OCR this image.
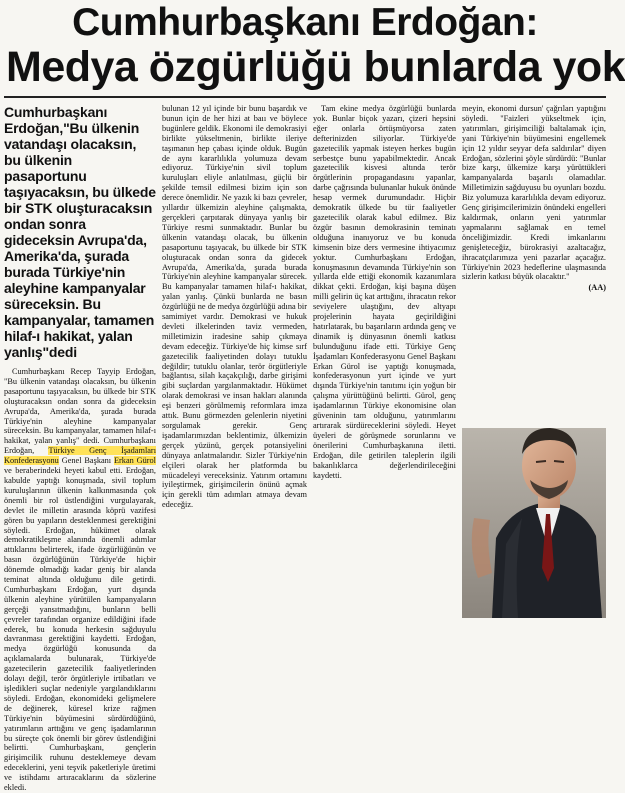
Cumhurbaşkanı Erdoğan:
Medya özgürlüğü bunlarda yok
Cumhurbaşkanı Erdoğan,"Bu ülkenin vatandaşı olacaksın, bu ülkenin pasaportunu taşıyacaksın, bu ülkede bir STK oluşturacaksın ondan sonra gideceksin Avrupa'da, Amerika'da, şurada burada Türkiye'nin aleyhine kampanyalar süreceksin. Bu kampanyalar, tamamen hilaf-ı hakikat, yalan yanlış"dedi

Cumhurbaşkanı Recep Tayyip Erdoğan, "Bu ülkenin vatandaşı olacaksın, bu ülkenin pasaportunu taşıyacaksın, bu ülkede bir STK oluşturacaksın ondan sonra da gideceksin Avrupa'da, Amerika'da, şurada burada Türkiye'nin aleyhine kampanyalar süreceksin. Bu kampanyalar, tamamen hilaf-ı hakikat, yalan yanlış" dedi. Cumhurbaşkanı Erdoğan, Türkiye Genç İşadamları Konfederasyonu Genel Başkanı Erkan Gürol ve beraberindeki heyeti kabul etti. Erdoğan, kabulde yaptığı konuşmada, sivil toplum kuruluşlarının ülkenin kalkınmasında çok önemli bir rol üstlendiğini vurgulayarak, devlet ile milletin arasında köprü vazifesi gören bu yapıların desteklenmesi gerektiğini söyledi. Erdoğan, hükümet olarak demokratikleşme alanında önemli adımlar attıklarını belirterek, ifade özgürlüğünün ve basın özgürlüğünün Türkiye'de hiçbir dönemde olmadığı kadar geniş bir alanda teminat altında olduğunu dile getirdi. Cumhurbaşkanı Erdoğan, yurt dışında ülkenin aleyhine yürütülen kampanyaların gerçeği yansıtmadığını, bunların belli çevreler tarafından organize edildiğini ifade ederek, bu konuda herkesin sağduyulu davranması gerektiğini kaydetti. Erdoğan, medya özgürlüğü konusunda da açıklamalarda bulunarak, Türkiye'de gazetecilerin gazetecilik faaliyetlerinden dolayı değil, terör örgütleriyle irtibatları ve işledikleri suçlar nedeniyle yargılandıklarını söyledi. Erdoğan, ekonomideki gelişmelere de değinerek, küresel krize rağmen Türkiye'nin büyümesini sürdürdüğünü, yatırımların arttığını ve genç işadamlarının bu süreçte çok önemli bir görev üstlendiğini belirtti. Cumhurbaşkanı, gençlerin girişimcilik ruhunu desteklemeye devam edeceklerini, yeni teşvik paketleriyle üretimi ve istihdamı artıracaklarını da sözlerine ekledi.

bulunan 12 yıl içinde bir bunu başardık ve bunun için de her hizi at baıı ve böylece bugünlere geldik. Ekonomi ile demokrasiyi birlikte yükseltmenin, birlikte ileriye taşımanın hep çabası içinde olduk. Bugün de aynı kararlılıkla yolumuza devam ediyoruz. Türkiye'nin sivil toplum kuruluşları eliyle anlatılması, güçlü bir şekilde temsil edilmesi bizim için son derece önemlidir. Ne yazık ki bazı çevreler, yıllardır ülkemizin aleyhine çalışmakta, gerçekleri çarpıtarak dünyaya yanlış bir Türkiye resmi sunmaktadır. Bunlar bu ülkenin vatandaşı olacak, bu ülkenin pasaportunu taşıyacak, bu ülkede bir STK oluşturacak ondan sonra da gidecek Avrupa'da, Amerika'da, şurada burada Türkiye'nin aleyhine kampanyalar sürecek. Bu kampanyalar tamamen hilaf-ı hakikat, yalan yanlış. Çünkü bunlarda ne basın özgürlüğü ne de medya özgürlüğü adına bir samimiyet vardır. Demokrasi ve hukuk devleti ilkelerinden taviz vermeden, milletimizin iradesine sahip çıkmaya devam edeceğiz. Türkiye'de hiç kimse sırf gazetecilik faaliyetinden dolayı tutuklu değildir; tutuklu olanlar, terör örgütleriyle bağlantısı, silah kaçakçılığı, darbe girişimi gibi suçlardan yargılanmaktadır. Hükümet olarak demokrasi ve insan hakları alanında eşi benzeri görülmemiş reformlara imza attık. Bunu görmezden gelenlerin niyetini sorgulamak gerekir. Genç işadamlarımızdan beklentimiz, ülkemizin gerçek yüzünü, gerçek potansiyelini dünyaya anlatmalarıdır. Sizler Türkiye'nin elçileri olarak her platformda bu mücadeleyi vereceksiniz. Yatırım ortamını iyileştirmek, girişimcilerin önünü açmak için gerekli tüm adımları atmaya devam edeceğiz.

Tam ekine medya özgürlüğü bunlarda yok. Bunlar biçok yazarı, çizeri hepsini eğer onlarla örtüşmüyorsa zaten defterinizden siliyorlar. Türkiye'de gazetecilik yapmak isteyen herkes bugün serbestçe bunu yapabilmektedir. Ancak gazetecilik kisvesi altında terör örgütlerinin propagandasını yapanlar, darbe çağrısında bulunanlar hukuk önünde hesap vermek durumundadır. Hiçbir demokratik ülkede bu tür faaliyetler gazetecilik olarak kabul edilmez. Biz özgür basının demokrasinin teminatı olduğuna inanıyoruz ve bu konuda kimsenin bize ders vermesine ihtiyacımız yoktur. Cumhurbaşkanı Erdoğan, konuşmasının devamında Türkiye'nin son yıllarda elde ettiği ekonomik kazanımlara dikkat çekti. Erdoğan, kişi başına düşen milli gelirin üç kat arttığını, ihracatın rekor seviyelere ulaştığını, dev altyapı projelerinin hayata geçirildiğini hatırlatarak, bu başarıların ardında genç ve dinamik iş dünyasının önemli katkısı bulunduğunu ifade etti. Türkiye Genç İşadamları Konfederasyonu Genel Başkanı Erkan Gürol ise yaptığı konuşmada, konfederasyonun yurt içinde ve yurt dışında Türkiye'nin tanıtımı için yoğun bir çalışma yürüttüğünü belirtti. Gürol, genç işadamlarının Türkiye ekonomisine olan güveninin tam olduğunu, yatırımlarını artırarak sürdüreceklerini söyledi. Heyet üyeleri de görüşmede sorunlarını ve önerilerini Cumhurbaşkanına iletti. Erdoğan, dile getirilen taleplerin ilgili bakanlıklarca değerlendirileceğini kaydetti.

meyin, ekonomi dursun' çağrıları yaptığını söyledi. "Faizleri yükseltmek için, yatırımları, girişimciliği baltalamak için, yani Türkiye'nin büyümesini engellemek için 12 yıldır seyyar defa saldırılar" diyen Erdoğan, sözlerini şöyle sürdürdü: "Bunlar bize karşı, ülkemize karşı yürüttükleri kampanyalarda başarılı olamadılar. Milletimizin sağduyusu bu oyunları bozdu. Biz yolumuza kararlılıkla devam ediyoruz. Genç girişimcilerimizin önündeki engelleri kaldırmak, onların yeni yatırımlar yapmalarını sağlamak en temel önceliğimizdir. Kredi imkanlarını genişleteceğiz, bürokrasiyi azaltacağız, ihracatçılarımıza yeni pazarlar açacağız. Türkiye'nin 2023 hedeflerine ulaşmasında sizlerin katkısı büyük olacaktır."

(AA)
